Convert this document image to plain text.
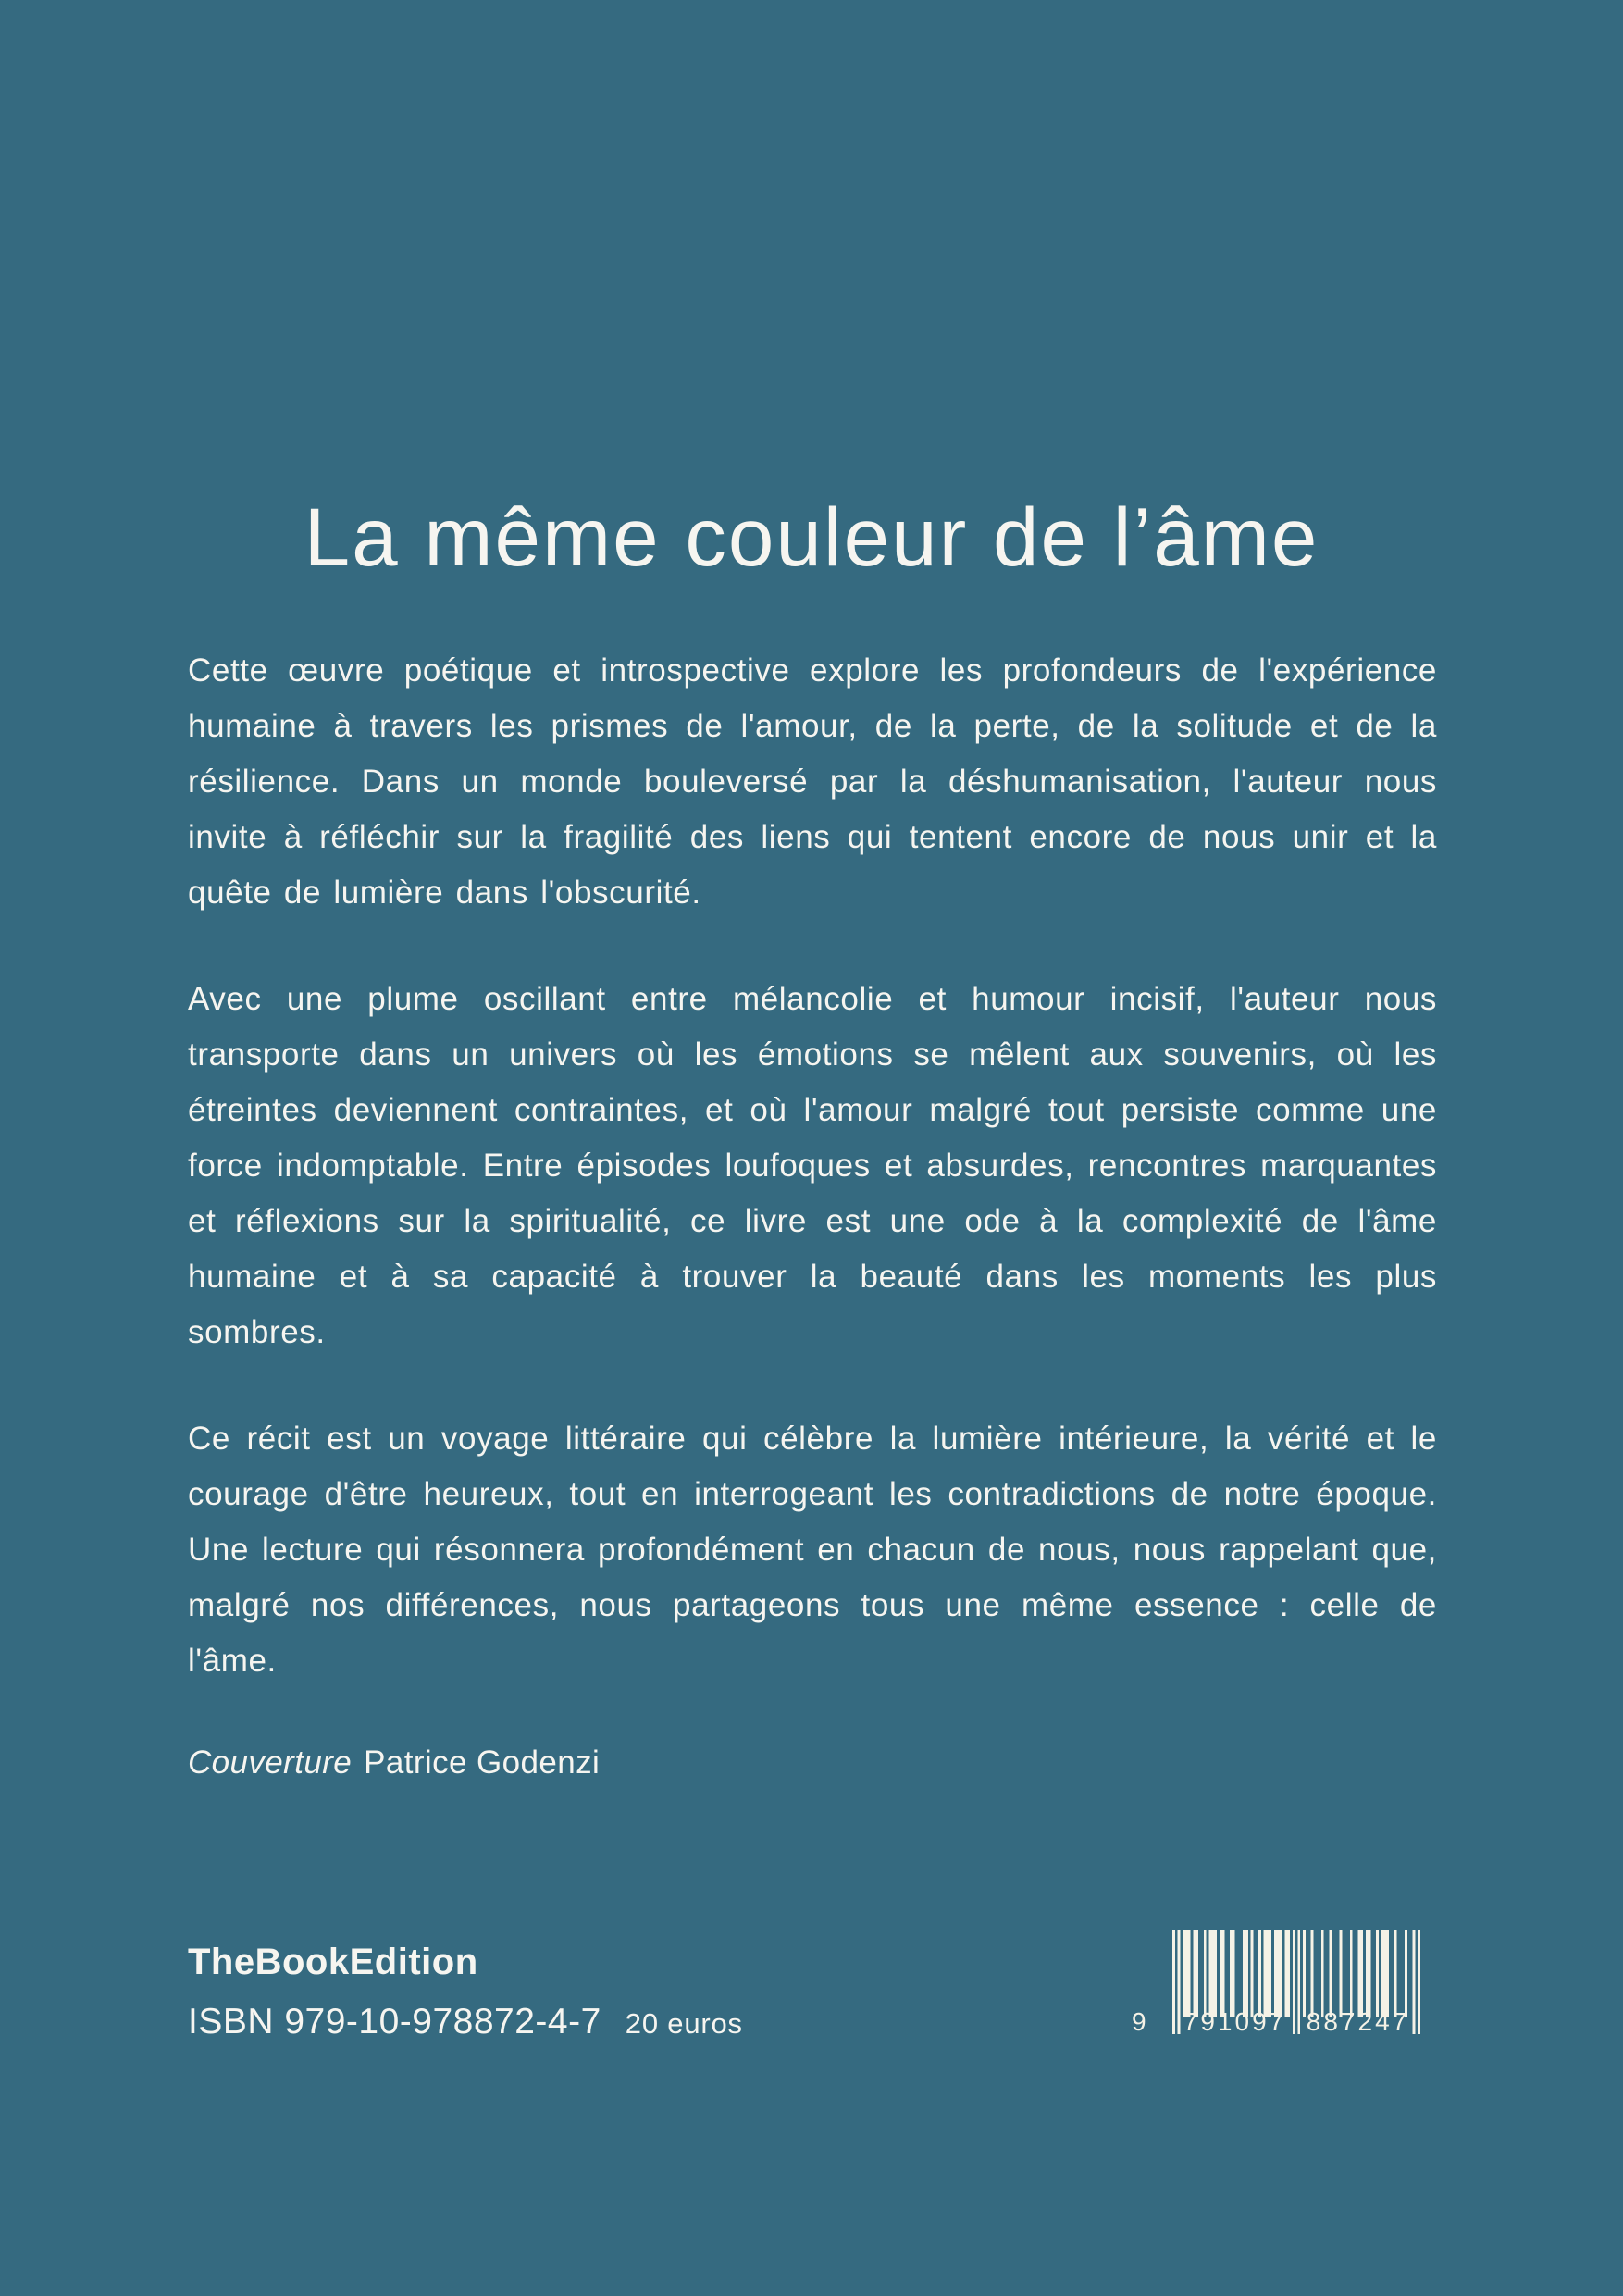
La même couleur de l’âme

Cette œuvre poétique et introspective explore les profondeurs de l'expérience humaine à travers les prismes de l'amour, de la perte, de la solitude et de la résilience. Dans un monde bouleversé par la déshumanisation, l'auteur nous invite à réfléchir sur la fragilité des liens qui tentent encore de nous unir et la quête de lumière dans l'obscurité.

Avec une plume oscillant entre mélancolie et humour incisif, l'auteur nous transporte dans un univers où les émotions se mêlent aux souvenirs, où les étreintes deviennent contraintes, et où l'amour malgré tout persiste comme une force indomptable. Entre épisodes loufoques et absurdes, rencontres marquantes et réflexions sur la spiritualité, ce livre est une ode à la complexité de l'âme humaine et à sa capacité à trouver la beauté dans les moments les plus sombres.

Ce récit est un voyage littéraire qui célèbre la lumière intérieure, la vérité et le courage d'être heureux, tout en interrogeant les contradictions de notre époque. Une lecture qui résonnera profondément en chacun de nous, nous rappelant que, malgré nos différences, nous partageons tous une même essence : celle de l'âme.

Couverture Patrice Godenzi

TheBookEdition
ISBN 979-10-978872-4-7 20 euros	9 791097 887247
